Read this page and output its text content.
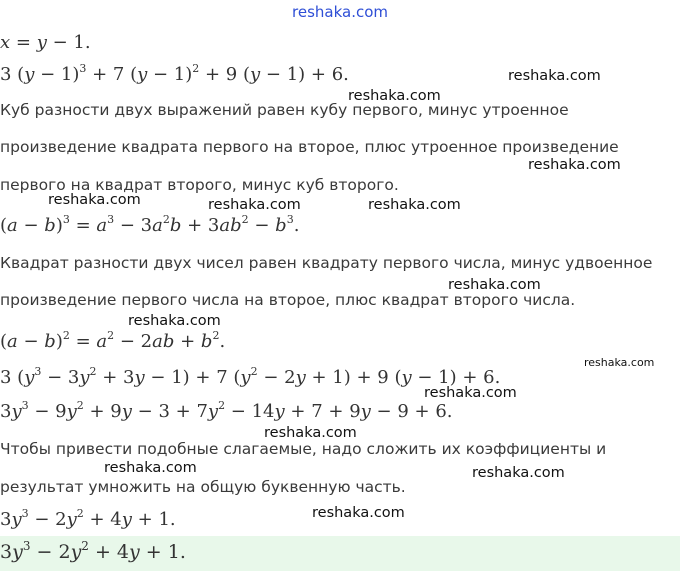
reshaka.com
x = y − 1.
3 $(y - 1)^3 + 7$ $(y - 1)^2 + 9$ (y − 1) + 6.
Куб разности двух выражений равен кубу первого, минус утроенное
произведение квадрата первого на второе, плюс утроенное произведение
первого на квадрат второго, минус куб второго.
$(a - b)^3 = a^3 - 3a^2b + 3ab^2 - b^3$.
Квадрат разности двух чисел равен квадрату первого числа, минус удвоенное
произведение первого числа на второе, плюс квадрат второго числа.
$(a - b)^2 = a^2 - 2ab + b^2$.
3 $(y^3 - 3y^2 + 3y - 1) + 7$ $(y^2 - 2y + 1) + 9$ (y − 1) + 6.
$3y^3 - 9y^2 + 9y - 3 + 7y^2 - 14y + 7 + 9y - 9 + 6$.
Чтобы привести подобные слагаемые, надо сложить их коэффициенты и
результат умножить на общую буквенную часть.
$3y^3 - 2y^2 + 4y + 1$.
$3y^3 - 2y^2 + 4y + 1$.
reshaka.com
reshaka.com
reshaka.com
reshaka.com	reshaka.com	reshaka.com
reshaka.com
reshaka.com
reshaka.com
reshaka.com
reshaka.com
reshaka.com	reshaka.com
reshaka.com
